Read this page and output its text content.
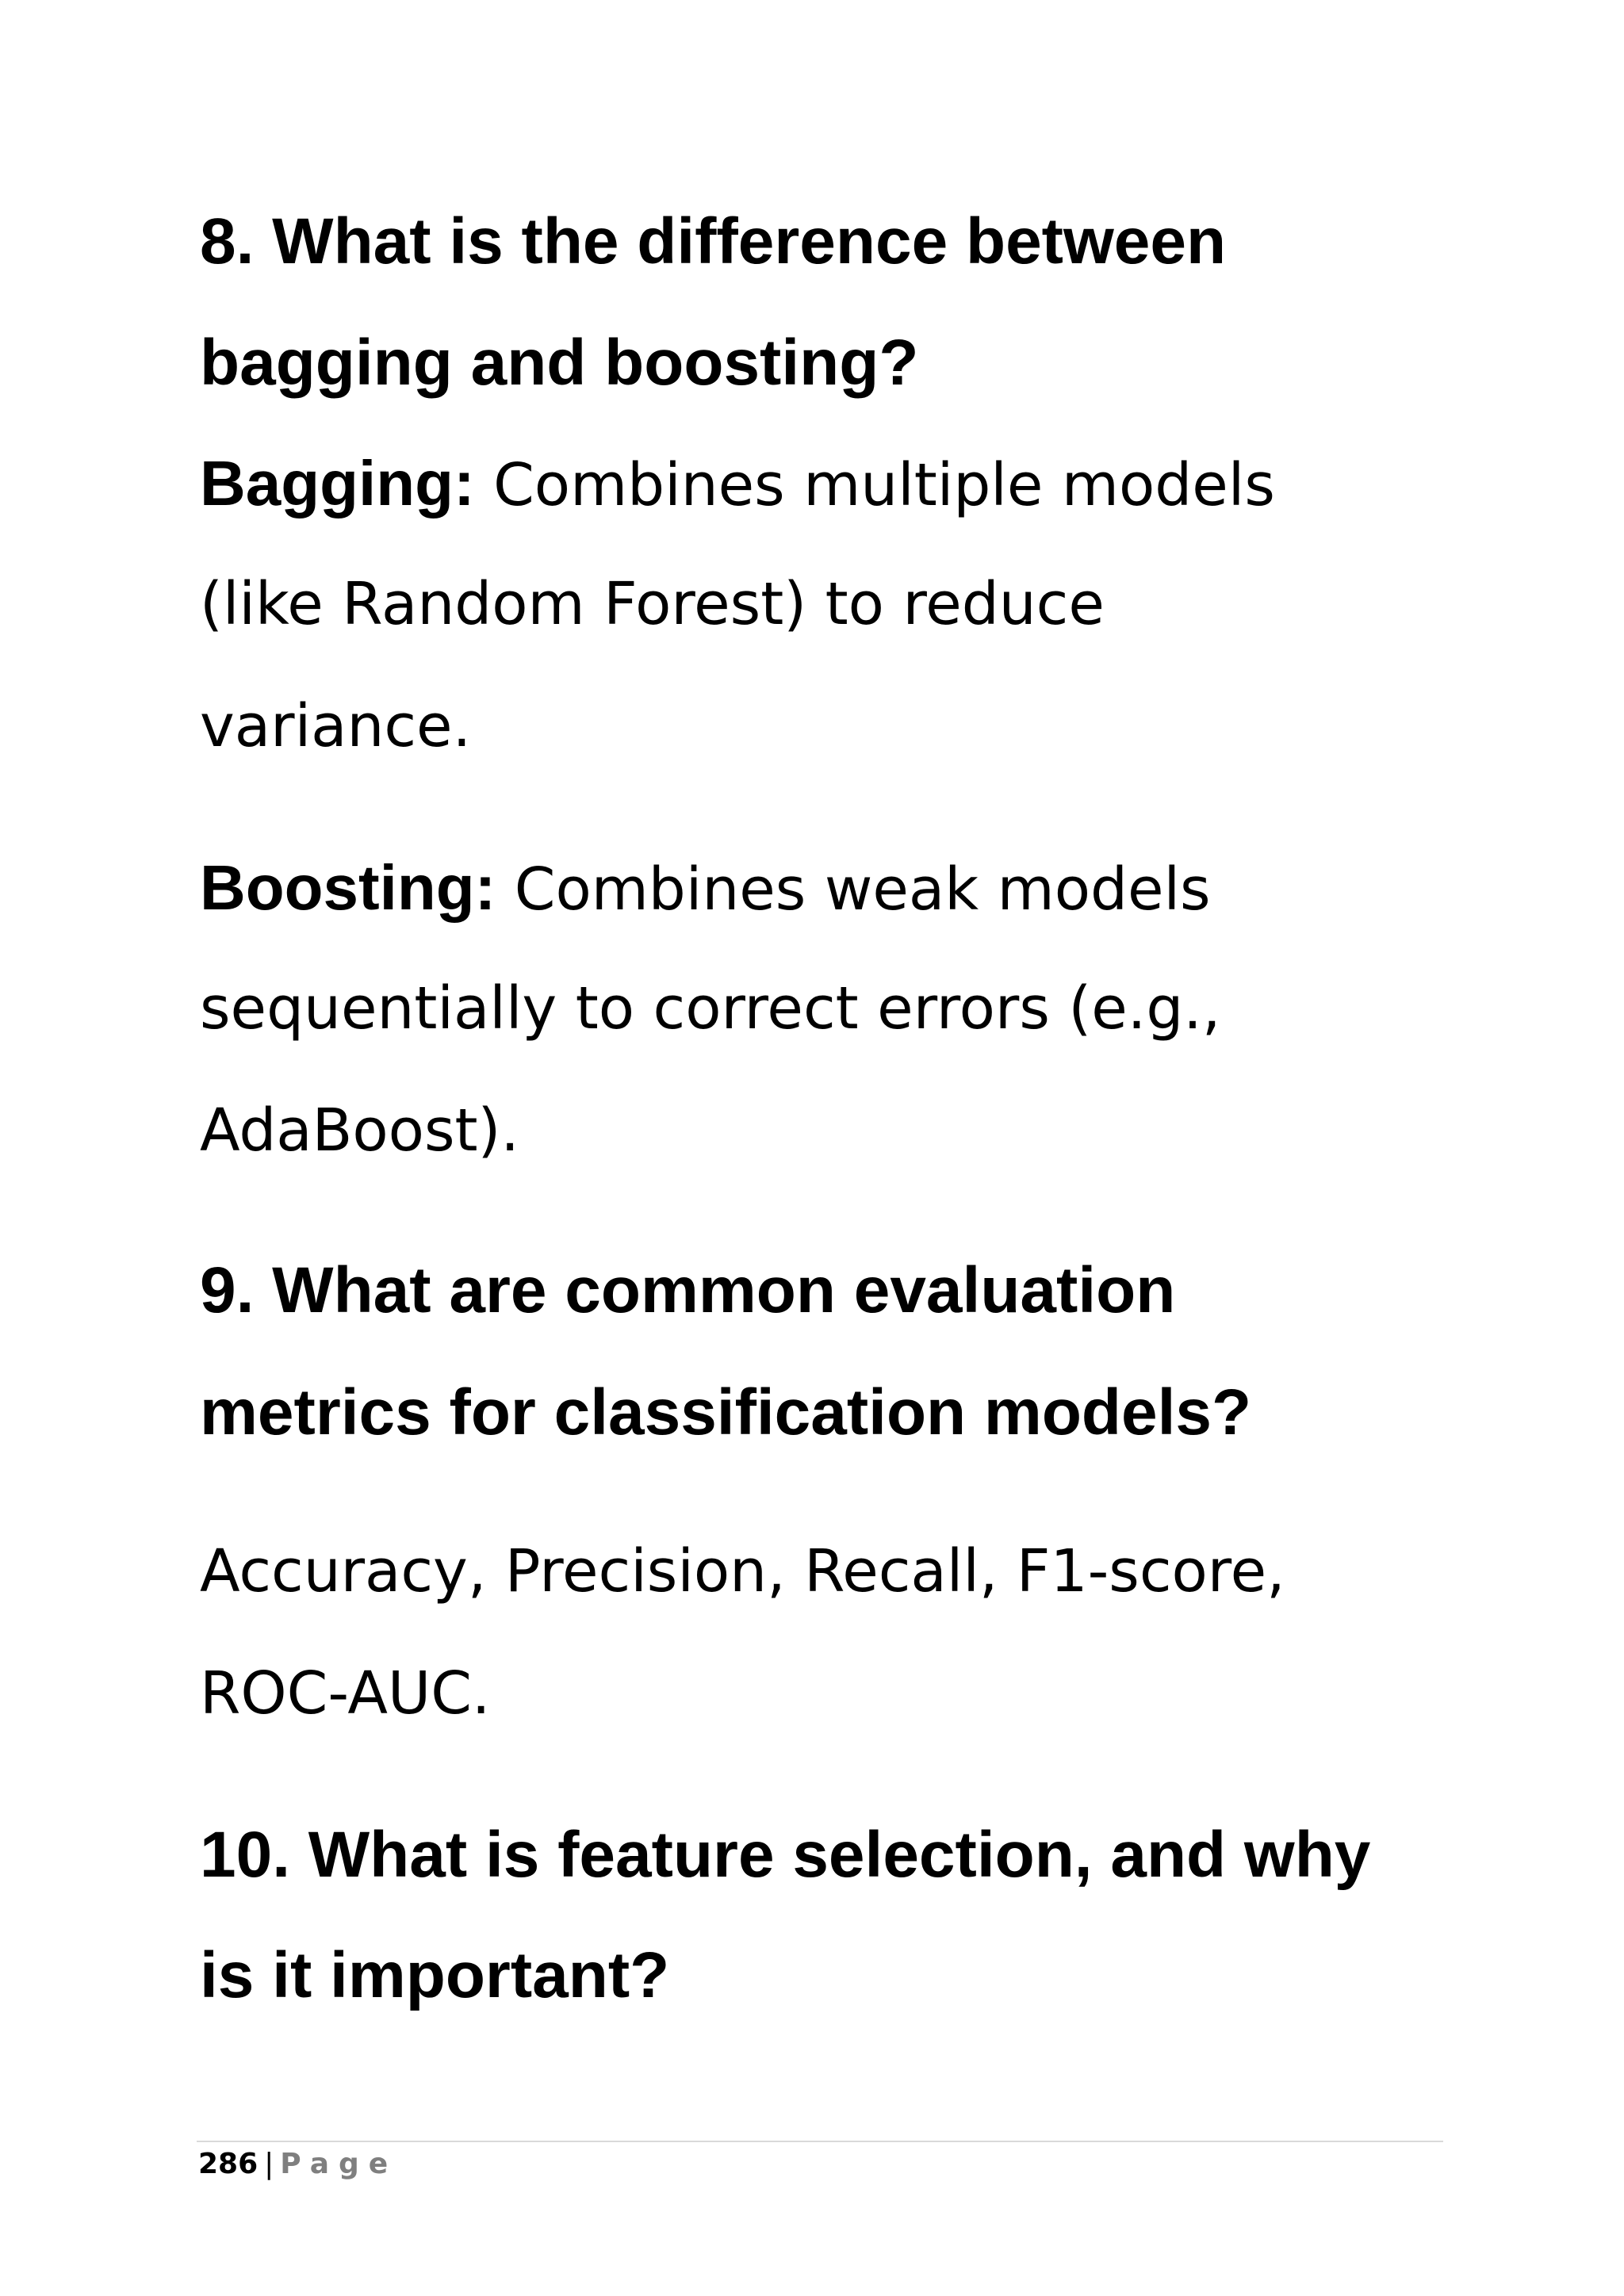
8. What is the difference between
bagging and boosting?
Bagging: Combines multiple models
(like Random Forest) to reduce
variance.
Boosting: Combines weak models
sequentially to correct errors (e.g.,
AdaBoost).
9. What are common evaluation
metrics for classification models?
Accuracy, Precision, Recall, F1-score,
ROC-AUC.
10. What is feature selection, and why
is it important?
286 | Page
